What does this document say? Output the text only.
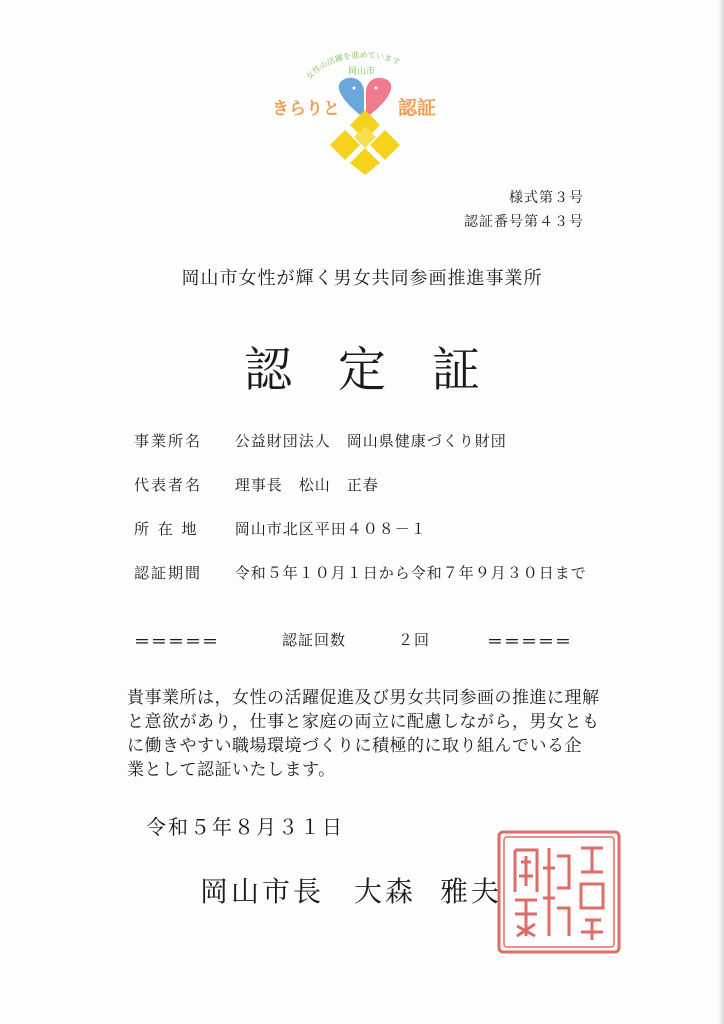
女性の活躍を進めています
岡山市
きらりと	認証
様式第３号
認証番号第４３号
岡山市女性が輝く男女共同参画推進事業所
認定証
事業所名 公益財団法人　岡山県健康づくり財団
代表者名 理事長　松山　正春
所 在 地 岡山市北区平田４０８－１
認証期間 令和５年１０月１日から令和７年９月３０日まで
＝＝＝＝＝	認証回数	２回	＝＝＝＝＝
貴事業所は，女性の活躍促進及び男女共同参画の推進に理解
と意欲があり，仕事と家庭の両立に配慮しながら，男女とも
に働きやすい職場環境づくりに積極的に取り組んでいる企
業として認証いたします。
令和５年８月３１日
岡山市長 大森 雅夫
